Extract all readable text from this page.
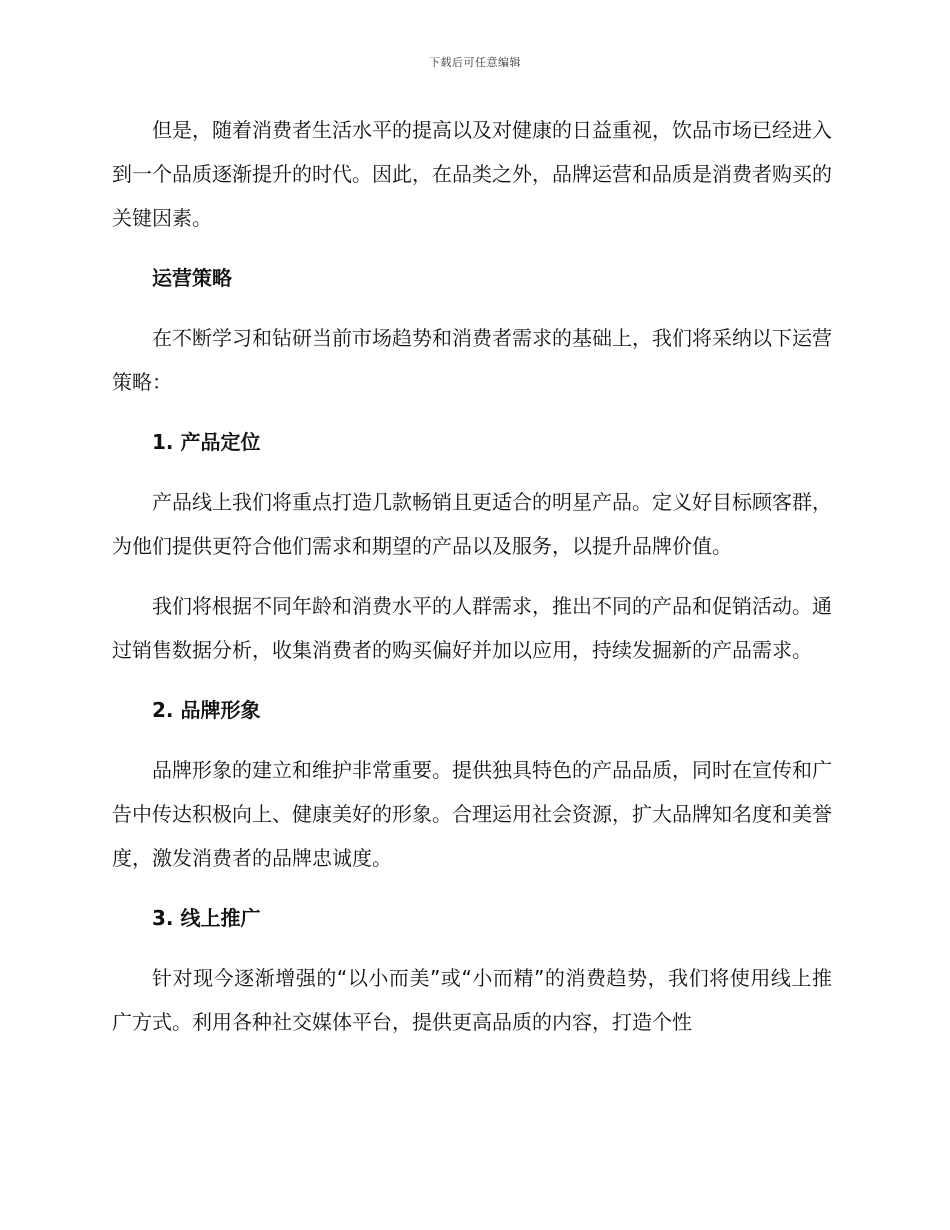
下载后可任意编辑

但是，随着消费者生活水平的提高以及对健康的日益重视，饮品市场已经进入到一个品质逐渐提升的时代。因此，在品类之外，品牌运营和品质是消费者购买的关键因素。

运营策略

在不断学习和钻研当前市场趋势和消费者需求的基础上，我们将采纳以下运营策略：

1. 产品定位

产品线上我们将重点打造几款畅销且更适合的明星产品。定义好目标顾客群，为他们提供更符合他们需求和期望的产品以及服务，以提升品牌价值。

我们将根据不同年龄和消费水平的人群需求，推出不同的产品和促销活动。通过销售数据分析，收集消费者的购买偏好并加以应用，持续发掘新的产品需求。

2. 品牌形象

品牌形象的建立和维护非常重要。提供独具特色的产品品质，同时在宣传和广告中传达积极向上、健康美好的形象。合理运用社会资源，扩大品牌知名度和美誉度，激发消费者的品牌忠诚度。

3. 线上推广

针对现今逐渐增强的“以小而美”或“小而精”的消费趋势，我们将使用线上推广方式。利用各种社交媒体平台，提供更高品质的内容，打造个性
